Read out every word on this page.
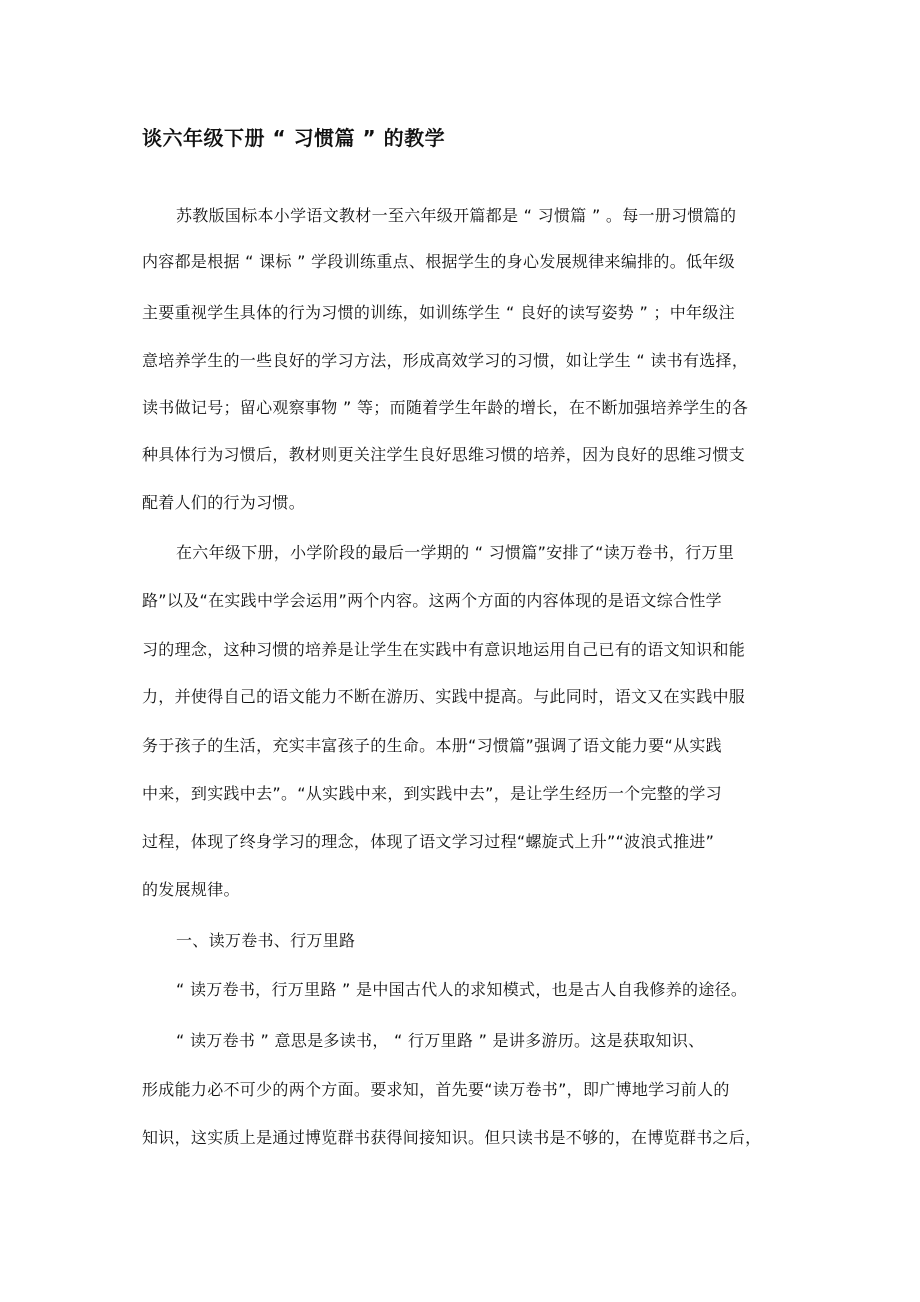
谈六年级下册 “ 习惯篇 ” 的教学
苏教版国标本小学语文教材一至六年级开篇都是 “ 习惯篇 ” 。每一册习惯篇的
内容都是根据 “ 课标 ” 学段训练重点、根据学生的身心发展规律来编排的。低年级
主要重视学生具体的行为习惯的训练，如训练学生 “ 良好的读写姿势 ” ；中年级注
意培养学生的一些良好的学习方法，形成高效学习的习惯，如让学生 “ 读书有选择，
读书做记号；留心观察事物 ” 等；而随着学生年龄的增长，在不断加强培养学生的各
种具体行为习惯后，教材则更关注学生良好思维习惯的培养，因为良好的思维习惯支
配着人们的行为习惯。
在六年级下册，小学阶段的最后一学期的 “ 习惯篇”安排了“读万卷书，行万里
路”以及“在实践中学会运用”两个内容。这两个方面的内容体现的是语文综合性学
习的理念，这种习惯的培养是让学生在实践中有意识地运用自己已有的语文知识和能
力，并使得自己的语文能力不断在游历、实践中提高。与此同时，语文又在实践中服
务于孩子的生活，充实丰富孩子的生命。本册“习惯篇”强调了语文能力要“从实践
中来，到实践中去”。“从实践中来，到实践中去”，是让学生经历一个完整的学习
过程，体现了终身学习的理念，体现了语文学习过程“螺旋式上升”“波浪式推进”
的发展规律。
一、读万卷书、行万里路
“ 读万卷书，行万里路 ” 是中国古代人的求知模式，也是古人自我修养的途径。
“ 读万卷书 ” 意思是多读书， “ 行万里路 ” 是讲多游历。这是获取知识、
形成能力必不可少的两个方面。要求知，首先要“读万卷书”，即广博地学习前人的
知识，这实质上是通过博览群书获得间接知识。但只读书是不够的，在博览群书之后，
